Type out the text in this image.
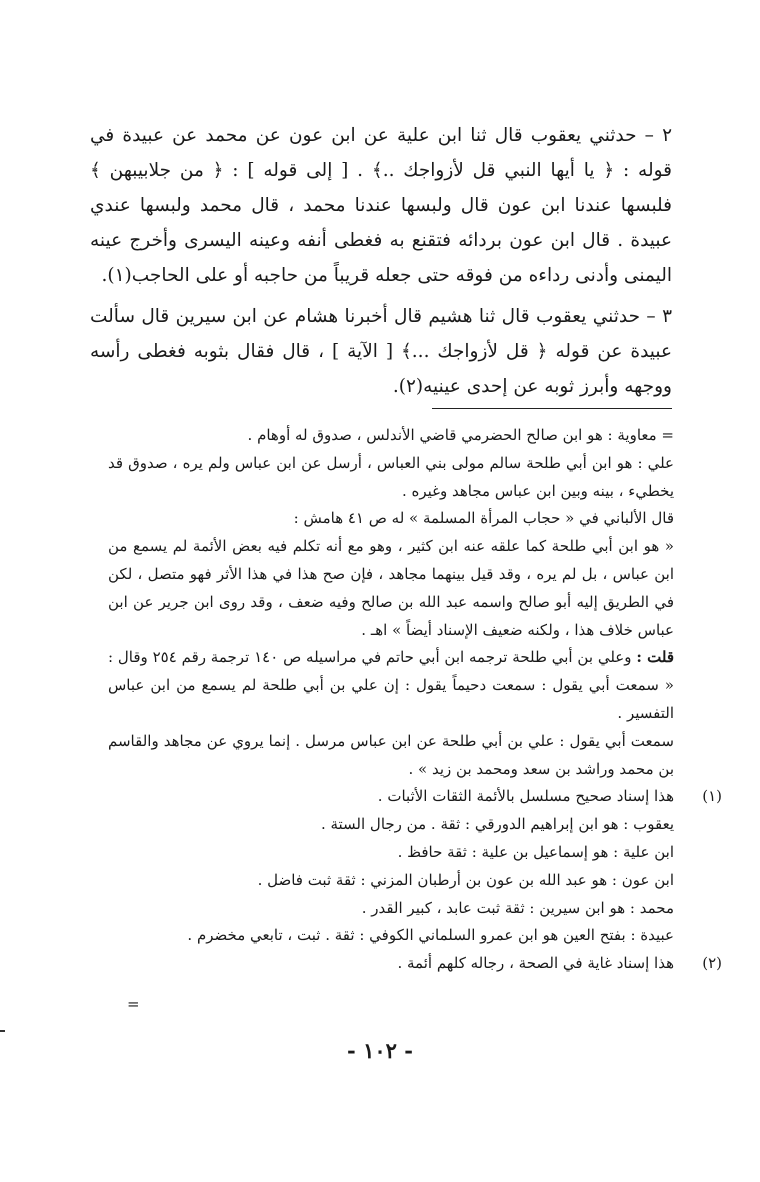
٢ – حدثني يعقوب قال ثنا ابن علية عن ابن عون عن محمد عن عبيدة في قوله : ﴿ يا أيها النبي قل لأزواجك ..﴾ . [ إلى قوله ] : ﴿ من جلابيبهن ﴾ فلبسها عندنا ابن عون قال ولبسها عندنا محمد ، قال محمد ولبسها عندي عبيدة . قال ابن عون بردائه فتقنع به فغطى أنفه وعينه اليسرى وأخرج عينه اليمنى وأدنى رداءه من فوقه حتى جعله قريباً من حاجبه أو على الحاجب(١).

٣ – حدثني يعقوب قال ثنا هشيم قال أخبرنا هشام عن ابن سيرين قال سألت عبيدة عن قوله ﴿ قل لأزواجك ...﴾ [ الآية ] ، قال فقال بثوبه فغطى رأسه ووجهه وأبرز ثوبه عن إحدى عينيه(٢).

= معاوية : هو ابن صالح الحضرمي قاضي الأندلس ، صدوق له أوهام .

علي : هو ابن أبي طلحة سالم مولى بني العباس ، أرسل عن ابن عباس ولم يره ، صدوق قد يخطيء ، بينه وبين ابن عباس مجاهد وغيره .

قال الألباني في « حجاب المرأة المسلمة » له ص ٤١ هامش :

« هو ابن أبي طلحة كما علقه عنه ابن كثير ، وهو مع أنه تكلم فيه بعض الأئمة لم يسمع من ابن عباس ، بل لم يره ، وقد قيل بينهما مجاهد ، فإن صح هذا في هذا الأثر فهو متصل ، لكن في الطريق إليه أبو صالح واسمه عبد الله بن صالح وفيه ضعف ، وقد روى ابن جرير عن ابن عباس خلاف هذا ، ولكنه ضعيف الإسناد أيضاً » اهـ .

قلت : وعلي بن أبي طلحة ترجمه ابن أبي حاتم في مراسيله ص ١٤٠ ترجمة رقم ٢٥٤ وقال : « سمعت أبي يقول : سمعت دحيماً يقول : إن علي بن أبي طلحة لم يسمع من ابن عباس التفسير .

سمعت أبي يقول : علي بن أبي طلحة عن ابن عباس مرسل . إنما يروي عن مجاهد والقاسم بن محمد وراشد بن سعد ومحمد بن زيد » .

(١)

هذا إسناد صحيح مسلسل بالأئمة الثقات الأثبات .

يعقوب : هو ابن إبراهيم الدورقي : ثقة . من رجال الستة .

ابن علية : هو إسماعيل بن علية : ثقة حافظ .

ابن عون : هو عبد الله بن عون بن أرطبان المزني : ثقة ثبت فاضل .

محمد : هو ابن سيرين : ثقة ثبت عابد ، كبير القدر .

عبيدة : بفتح العين هو ابن عمرو السلماني الكوفي : ثقة . ثبت ، تابعي مخضرم .

(٢)

هذا إسناد غاية في الصحة ، رجاله كلهم أئمة .

=
- ١٠٢ -
